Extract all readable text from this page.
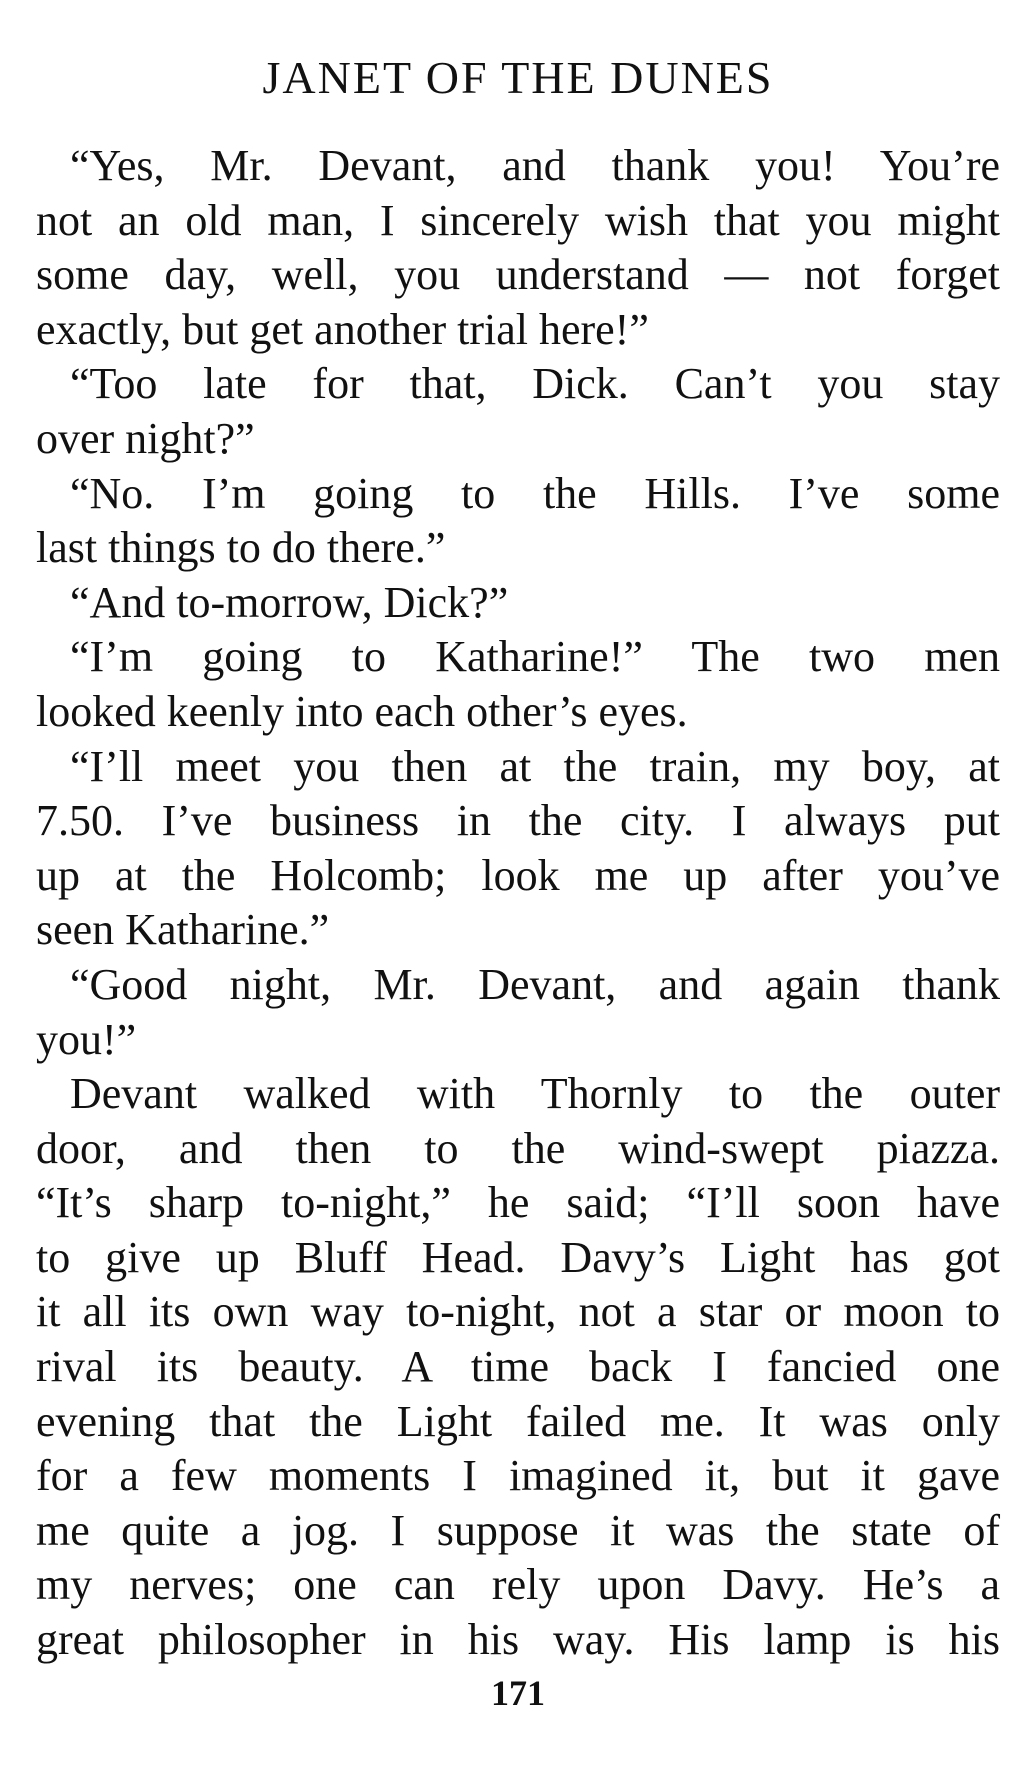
JANET OF THE DUNES
“Yes, Mr. Devant, and thank you! You’re
not an old man, I sincerely wish that you might
some day, well, you understand — not forget
exactly, but get another trial here!”
“Too late for that, Dick. Can’t you stay
over night?”
“No. I’m going to the Hills. I’ve some
last things to do there.”
“And to-morrow, Dick?”
“I’m going to Katharine!” The two men
looked keenly into each other’s eyes.
“I’ll meet you then at the train, my boy, at
7.50. I’ve business in the city. I always put
up at the Holcomb; look me up after you’ve
seen Katharine.”
“Good night, Mr. Devant, and again thank
you!”
Devant walked with Thornly to the outer
door, and then to the wind-swept piazza.
“It’s sharp to-night,” he said; “I’ll soon have
to give up Bluff Head. Davy’s Light has got
it all its own way to-night, not a star or moon to
rival its beauty. A time back I fancied one
evening that the Light failed me. It was only
for a few moments I imagined it, but it gave
me quite a jog. I suppose it was the state of
my nerves; one can rely upon Davy. He’s a
great philosopher in his way. His lamp is his
171
